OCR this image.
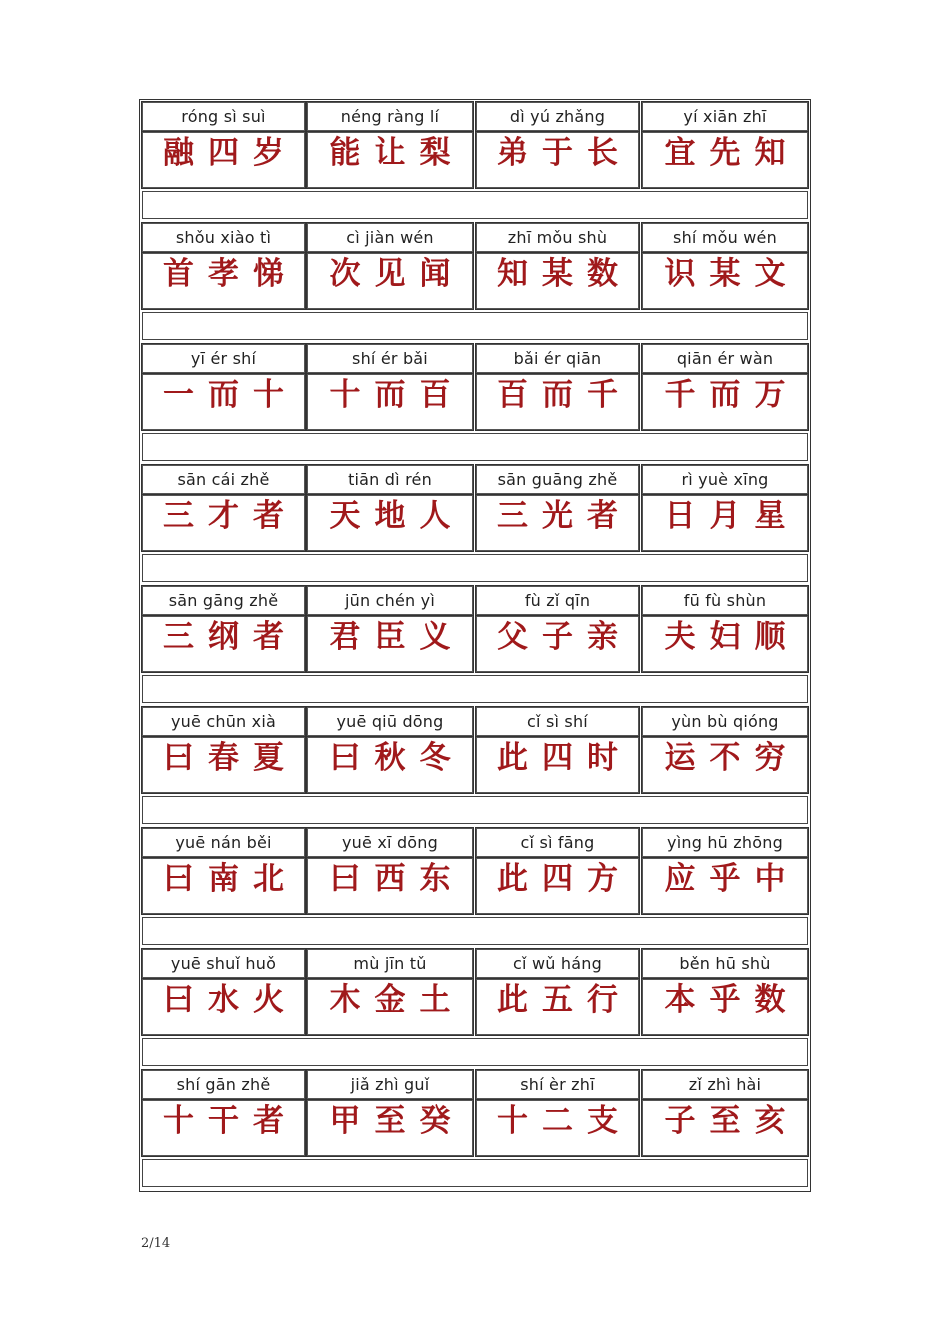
róng sì suì
融四岁
néng ràng lí
能让梨
dì yú zhǎng
弟于长
yí xiān zhī
宜先知
shǒu xiào tì
首孝悌
cì jiàn wén
次见闻
zhī mǒu shù
知某数
shí mǒu wén
识某文
yī ér shí
一而十
shí ér bǎi
十而百
bǎi ér qiān
百而千
qiān ér wàn
千而万
sān cái zhě
三才者
tiān dì rén
天地人
sān guāng zhě
三光者
rì yuè xīng
日月星
sān gāng zhě
三纲者
jūn chén yì
君臣义
fù zǐ qīn
父子亲
fū fù shùn
夫妇顺
yuē chūn xià
曰春夏
yuē qiū dōng
曰秋冬
cǐ sì shí
此四时
yùn bù qióng
运不穷
yuē nán běi
曰南北
yuē xī dōng
曰西东
cǐ sì fāng
此四方
yìng hū zhōng
应乎中
yuē shuǐ huǒ
曰水火
mù jīn tǔ
木金土
cǐ wǔ háng
此五行
běn hū shù
本乎数
shí gān zhě
十干者
jiǎ zhì guǐ
甲至癸
shí èr zhī
十二支
zǐ zhì hài
子至亥
2/14
